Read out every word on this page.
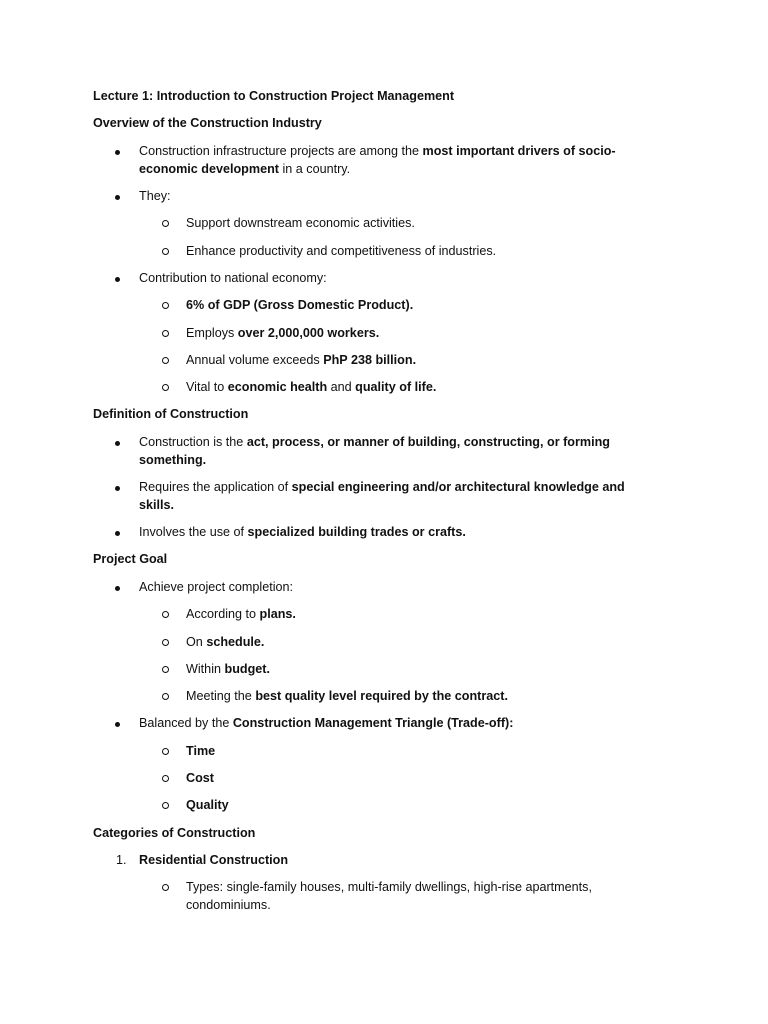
Lecture 1: Introduction to Construction Project Management
Overview of the Construction Industry
Construction infrastructure projects are among the most important drivers of socio-
economic development in a country.
They:
Support downstream economic activities.
Enhance productivity and competitiveness of industries.
Contribution to national economy:
6% of GDP (Gross Domestic Product).
Employs over 2,000,000 workers.
Annual volume exceeds PhP 238 billion.
Vital to economic health and quality of life.
Definition of Construction
Construction is the act, process, or manner of building, constructing, or forming
something.
Requires the application of special engineering and/or architectural knowledge and
skills.
Involves the use of specialized building trades or crafts.
Project Goal
Achieve project completion:
According to plans.
On schedule.
Within budget.
Meeting the best quality level required by the contract.
Balanced by the Construction Management Triangle (Trade-off):
Time
Cost
Quality
Categories of Construction
1. Residential Construction
Types: single-family houses, multi-family dwellings, high-rise apartments,
condominiums.
